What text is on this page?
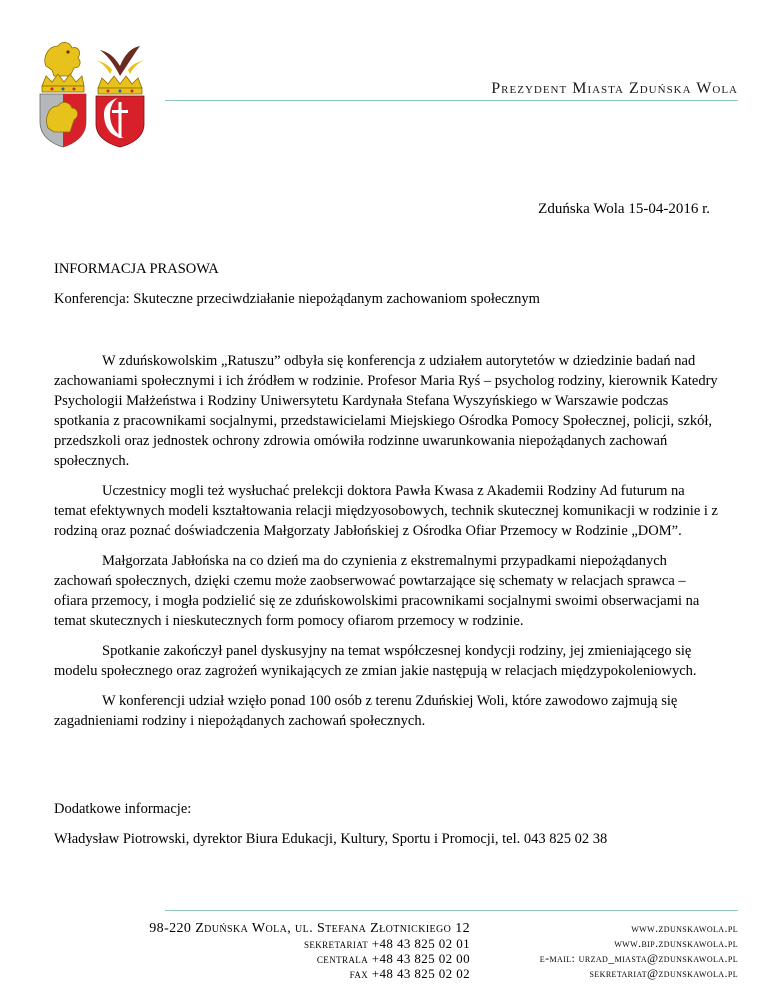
Prezydent Miasta Zduńska Wola
Zduńska Wola 15-04-2016 r.
INFORMACJA PRASOWA
Konferencja: Skuteczne przeciwdziałanie niepożądanym zachowaniom społecznym

W zduńskowolskim „Ratuszu” odbyła się konferencja z udziałem autorytetów w dziedzinie badań nad zachowaniami społecznymi i ich źródłem w rodzinie. Profesor Maria Ryś – psycholog rodziny, kierownik Katedry Psychologii Małżeństwa i Rodziny Uniwersytetu Kardynała Stefana Wyszyńskiego w Warszawie podczas spotkania z pracownikami socjalnymi, przedstawicielami Miejskiego Ośrodka Pomocy Społecznej, policji, szkół, przedszkoli oraz jednostek ochrony zdrowia omówiła rodzinne uwarunkowania niepożądanych zachowań społecznych.

Uczestnicy mogli też wysłuchać prelekcji doktora Pawła Kwasa z Akademii Rodziny Ad futurum na temat efektywnych modeli kształtowania relacji międzyosobowych, technik skutecznej komunikacji w rodzinie i z rodziną oraz poznać doświadczenia Małgorzaty Jabłońskiej z Ośrodka Ofiar Przemocy w Rodzinie „DOM”.

Małgorzata Jabłońska na co dzień ma do czynienia z ekstremalnymi przypadkami niepożądanych zachowań społecznych, dzięki czemu może zaobserwować powtarzające się schematy w relacjach sprawca – ofiara przemocy, i mogła podzielić się ze zduńskowolskimi pracownikami socjalnymi swoimi obserwacjami na temat skutecznych i nieskutecznych form pomocy ofiarom przemocy w rodzinie.

Spotkanie zakończył panel dyskusyjny na temat współczesnej kondycji rodziny, jej zmieniającego się modelu społecznego oraz zagrożeń wynikających ze zmian jakie następują w relacjach międzypokoleniowych.

W konferencji udział wzięło ponad 100 osób z terenu Zduńskiej Woli, które zawodowo zajmują się zagadnieniami rodziny i niepożądanych zachowań społecznych.

Dodatkowe informacje:
Władysław Piotrowski, dyrektor Biura Edukacji, Kultury, Sportu i Promocji, tel. 043 825 02 38
98-220 Zduńska Wola, ul. Stefana Złotnickiego 12
sekretariat +48 43 825 02 01
centrala +48 43 825 02 00
fax +48 43 825 02 02
www.zdunskawola.pl
www.bip.zdunskawola.pl
e-mail: urzad_miasta@zdunskawola.pl
sekretariat@zdunskawola.pl
